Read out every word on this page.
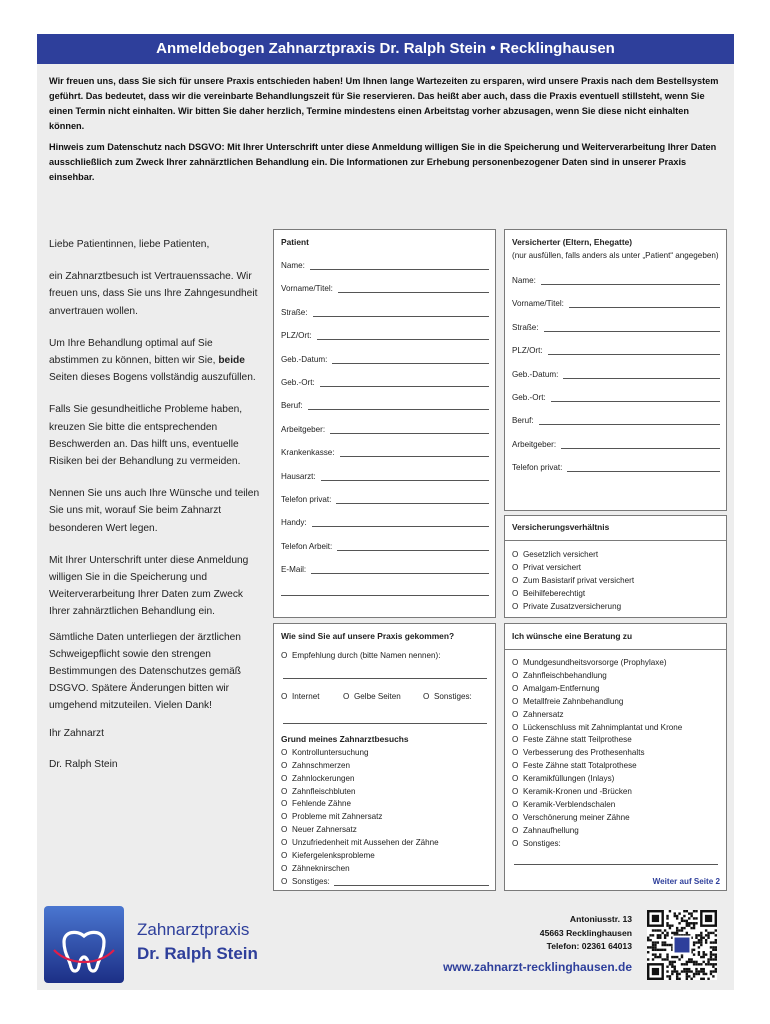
Anmeldebogen Zahnarztpraxis Dr. Ralph Stein • Recklinghausen

Wir freuen uns, dass Sie sich für unsere Praxis entschieden haben! Um Ihnen lange Wartezeiten zu ersparen, wird unsere Praxis nach dem Bestellsystem geführt. Das bedeutet, dass wir die vereinbarte Behandlungszeit für Sie reservieren. Das heißt aber auch, dass die Praxis eventuell stillsteht, wenn Sie einen Termin nicht einhalten. Wir bitten Sie daher herzlich, Termine mindestens einen Arbeitstag vorher abzusagen, wenn Sie diese nicht einhalten können.

Hinweis zum Datenschutz nach DSGVO: Mit Ihrer Unterschrift unter diese Anmeldung willigen Sie in die Speicherung und Weiterverarbeitung Ihrer Daten ausschließlich zum Zweck Ihrer zahnärztlichen Behandlung ein. Die Informationen zur Erhebung personenbezogener Daten sind in unserer Praxis einsehbar.

Liebe Patientinnen, liebe Patienten,

ein Zahnarztbesuch ist Vertrauenssache. Wir freuen uns, dass Sie uns Ihre Zahngesundheit anvertrauen wollen.

Um Ihre Behandlung optimal auf Sie abstimmen zu können, bitten wir Sie, beide Seiten dieses Bogens vollständig auszufüllen.

Falls Sie gesundheitliche Probleme haben, kreuzen Sie bitte die entsprechenden Beschwerden an. Das hilft uns, eventuelle Risiken bei der Behandlung zu vermeiden.

Nennen Sie uns auch Ihre Wünsche und teilen Sie uns mit, worauf Sie beim Zahnarzt besonderen Wert legen.

Mit Ihrer Unterschrift unter diese Anmeldung willigen Sie in die Speicherung und Weiterverarbeitung Ihrer Daten zum Zweck Ihrer zahnärztlichen Behandlung ein.

Sämtliche Daten unterliegen der ärztlichen Schweigepflicht sowie den strengen Bestimmungen des Datenschutzes gemäß DSGVO. Spätere Änderungen bitten wir umgehend mitzuteilen. Vielen Dank!

Ihr Zahnarzt

Dr. Ralph Stein

Patient
Name:
Vorname/Titel:
Straße:
PLZ/Ort:
Geb.-Datum:
Geb.-Ort:
Beruf:
Arbeitgeber:
Krankenkasse:
Hausarzt:
Telefon privat:
Handy:
Telefon Arbeit:
E-Mail:
Versicherter (Eltern, Ehegatte)
(nur ausfüllen, falls anders als unter „Patient“ angegeben)
Name:
Vorname/Titel:
Straße:
PLZ/Ort:
Geb.-Datum:
Geb.-Ort:
Beruf:
Arbeitgeber:
Telefon privat:
Versicherungsverhältnis
O Gesetzlich versichert
O Privat versichert
O Zum Basistarif privat versichert
O Beihilfeberechtigt
O Private Zusatzversicherung
Wie sind Sie auf unsere Praxis gekommen?
O Empfehlung durch (bitte Namen nennen):
O Internet	O Gelbe Seiten	O Sonstiges:
Grund meines Zahnarztbesuchs
O Kontrolluntersuchung
O Zahnschmerzen
O Zahnlockerungen
O Zahnfleischbluten
O Fehlende Zähne
O Probleme mit Zahnersatz
O Neuer Zahnersatz
O Unzufriedenheit mit Aussehen der Zähne
O Kiefergelenksprobleme
O Zähneknirschen
O Sonstiges:
Ich wünsche eine Beratung zu
O Mundgesundheitsvorsorge (Prophylaxe)
O Zahnfleischbehandlung
O Amalgam-Entfernung
O Metallfreie Zahnbehandlung
O Zahnersatz
O Lückenschluss mit Zahnimplantat und Krone
O Feste Zähne statt Teilprothese
O Verbesserung des Prothesenhalts
O Feste Zähne statt Totalprothese
O Keramikfüllungen (Inlays)
O Keramik-Kronen und -Brücken
O Keramik-Verblendschalen
O Verschönerung meiner Zähne
O Zahnaufhellung
O Sonstiges:
Weiter auf Seite 2
Zahnarztpraxis
Dr. Ralph Stein
Antoniusstr. 13
45663 Recklinghausen
Telefon: 02361 64013
www.zahnarzt-recklinghausen.de
